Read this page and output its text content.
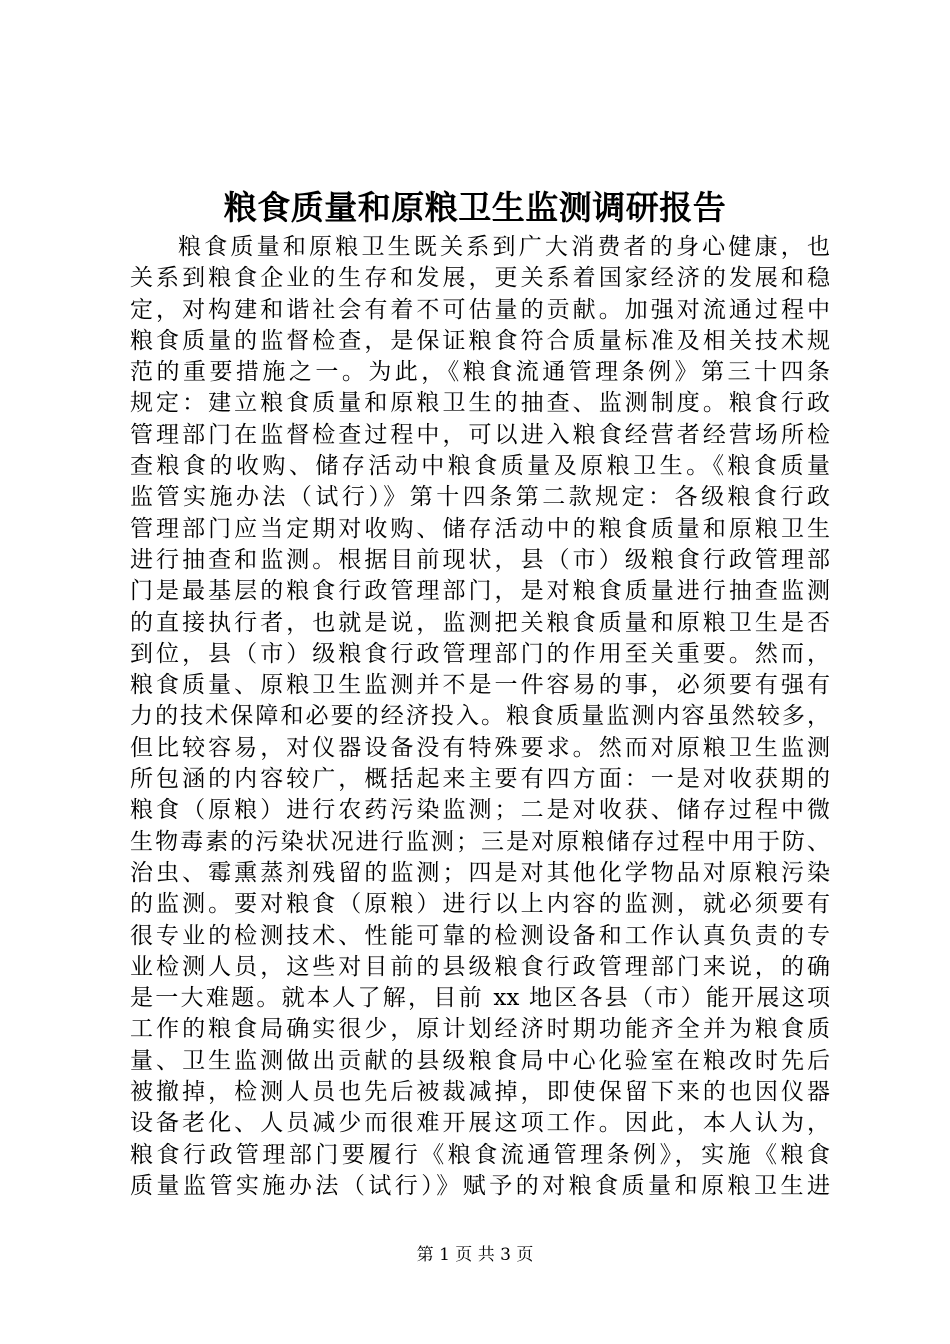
粮食质量和原粮卫生监测调研报告
粮食质量和原粮卫生既关系到广大消费者的身心健康，也
关系到粮食企业的生存和发展，更关系着国家经济的发展和稳
定，对构建和谐社会有着不可估量的贡献。加强对流通过程中
粮食质量的监督检查，是保证粮食符合质量标准及相关技术规
范的重要措施之一。为此，《粮食流通管理条例》第三十四条
规定：建立粮食质量和原粮卫生的抽查、监测制度。粮食行政
管理部门在监督检查过程中，可以进入粮食经营者经营场所检
查粮食的收购、储存活动中粮食质量及原粮卫生。《粮食质量
监管实施办法（试行）》第十四条第二款规定：各级粮食行政
管理部门应当定期对收购、储存活动中的粮食质量和原粮卫生
进行抽查和监测。根据目前现状，县（市）级粮食行政管理部
门是最基层的粮食行政管理部门，是对粮食质量进行抽查监测
的直接执行者，也就是说，监测把关粮食质量和原粮卫生是否
到位，县（市）级粮食行政管理部门的作用至关重要。然而，
粮食质量、原粮卫生监测并不是一件容易的事，必须要有强有
力的技术保障和必要的经济投入。粮食质量监测内容虽然较多，
但比较容易，对仪器设备没有特殊要求。然而对原粮卫生监测
所包涵的内容较广，概括起来主要有四方面：一是对收获期的
粮食（原粮）进行农药污染监测；二是对收获、储存过程中微
生物毒素的污染状况进行监测；三是对原粮储存过程中用于防、
治虫、霉熏蒸剂残留的监测；四是对其他化学物品对原粮污染
的监测。要对粮食（原粮）进行以上内容的监测，就必须要有
很专业的检测技术、性能可靠的检测设备和工作认真负责的专
业检测人员，这些对目前的县级粮食行政管理部门来说，的确
是一大难题。就本人了解，目前 xx 地区各县（市）能开展这项
工作的粮食局确实很少，原计划经济时期功能齐全并为粮食质
量、卫生监测做出贡献的县级粮食局中心化验室在粮改时先后
被撤掉，检测人员也先后被裁减掉，即使保留下来的也因仪器
设备老化、人员减少而很难开展这项工作。因此，本人认为，
粮食行政管理部门要履行《粮食流通管理条例》，实施《粮食
质量监管实施办法（试行）》赋予的对粮食质量和原粮卫生进
第 1 页 共 3 页
